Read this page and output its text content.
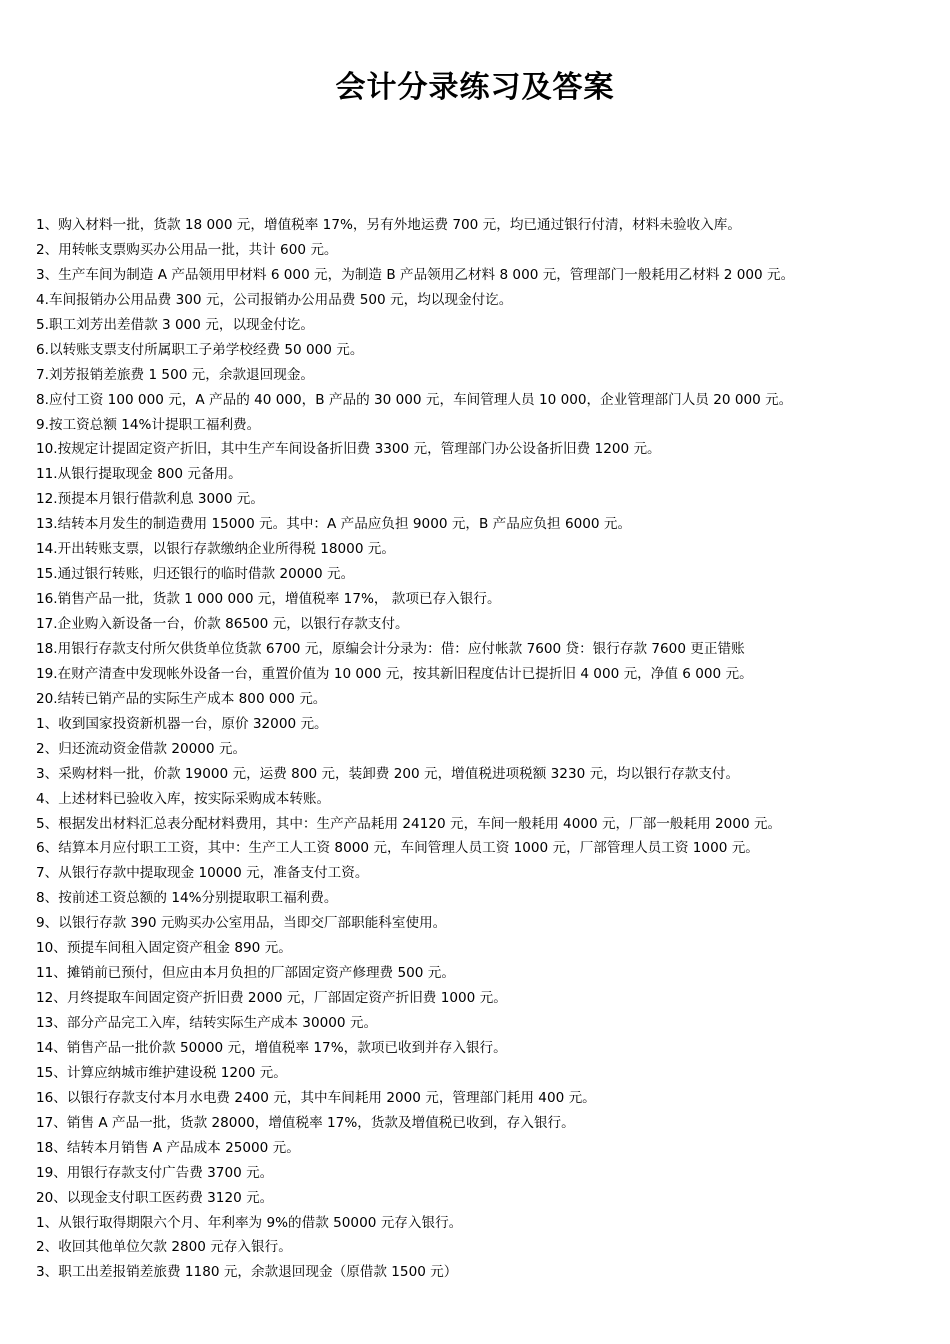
会计分录练习及答案
1、购入材料一批，货款 18 000 元，增值税率 17%，另有外地运费 700 元，均已通过银行付清，材料未验收入库。
2、用转帐支票购买办公用品一批，共计 600 元。
3、生产车间为制造 A 产品领用甲材料 6 000 元，为制造 B 产品领用乙材料 8 000 元，管理部门一般耗用乙材料 2 000 元。
4.车间报销办公用品费 300 元，公司报销办公用品费 500 元，均以现金付讫。
5.职工刘芳出差借款 3 000 元，以现金付讫。
6.以转账支票支付所属职工子弟学校经费 50 000 元。
7.刘芳报销差旅费 1 500 元，余款退回现金。
8.应付工资 100 000 元，A 产品的 40 000，B 产品的 30 000 元，车间管理人员 10 000，企业管理部门人员 20 000 元。
9.按工资总额 14%计提职工福利费。
10.按规定计提固定资产折旧，其中生产车间设备折旧费 3300 元，管理部门办公设备折旧费 1200 元。
11.从银行提取现金 800 元备用。
12.预提本月银行借款利息 3000 元。
13.结转本月发生的制造费用 15000 元。其中：A 产品应负担 9000 元，B 产品应负担 6000 元。
14.开出转账支票，以银行存款缴纳企业所得税 18000 元。
15.通过银行转账，归还银行的临时借款 20000 元。
16.销售产品一批，货款 1 000 000 元，增值税率 17%， 款项已存入银行。
17.企业购入新设备一台，价款 86500 元，以银行存款支付。
18.用银行存款支付所欠供货单位货款 6700 元，原编会计分录为：借：应付帐款 7600 贷：银行存款 7600 更正错账
19.在财产清查中发现帐外设备一台，重置价值为 10 000 元，按其新旧程度估计已提折旧 4 000 元，净值 6 000 元。
20.结转已销产品的实际生产成本 800 000 元。
1、收到国家投资新机器一台，原价 32000 元。
2、归还流动资金借款 20000 元。
3、采购材料一批，价款 19000 元，运费 800 元，装卸费 200 元，增值税进项税额 3230 元，均以银行存款支付。
4、上述材料已验收入库，按实际采购成本转账。
5、根据发出材料汇总表分配材料费用，其中：生产产品耗用 24120 元，车间一般耗用 4000 元，厂部一般耗用 2000 元。
6、结算本月应付职工工资，其中：生产工人工资 8000 元，车间管理人员工资 1000 元，厂部管理人员工资 1000 元。
7、从银行存款中提取现金 10000 元，准备支付工资。
8、按前述工资总额的 14%分别提取职工福利费。
9、以银行存款 390 元购买办公室用品，当即交厂部职能科室使用。
10、预提车间租入固定资产租金 890 元。
11、摊销前已预付，但应由本月负担的厂部固定资产修理费 500 元。
12、月终提取车间固定资产折旧费 2000 元，厂部固定资产折旧费 1000 元。
13、部分产品完工入库，结转实际生产成本 30000 元。
14、销售产品一批价款 50000 元，增值税率 17%，款项已收到并存入银行。
15、计算应纳城市维护建设税 1200 元。
16、以银行存款支付本月水电费 2400 元，其中车间耗用 2000 元，管理部门耗用 400 元。
17、销售 A 产品一批，货款 28000，增值税率 17%，货款及增值税已收到，存入银行。
18、结转本月销售 A 产品成本 25000 元。
19、用银行存款支付广告费 3700 元。
20、以现金支付职工医药费 3120 元。
1、从银行取得期限六个月、年利率为 9%的借款 50000 元存入银行。
2、收回其他单位欠款 2800 元存入银行。
3、职工出差报销差旅费 1180 元，余款退回现金（原借款 1500 元）
